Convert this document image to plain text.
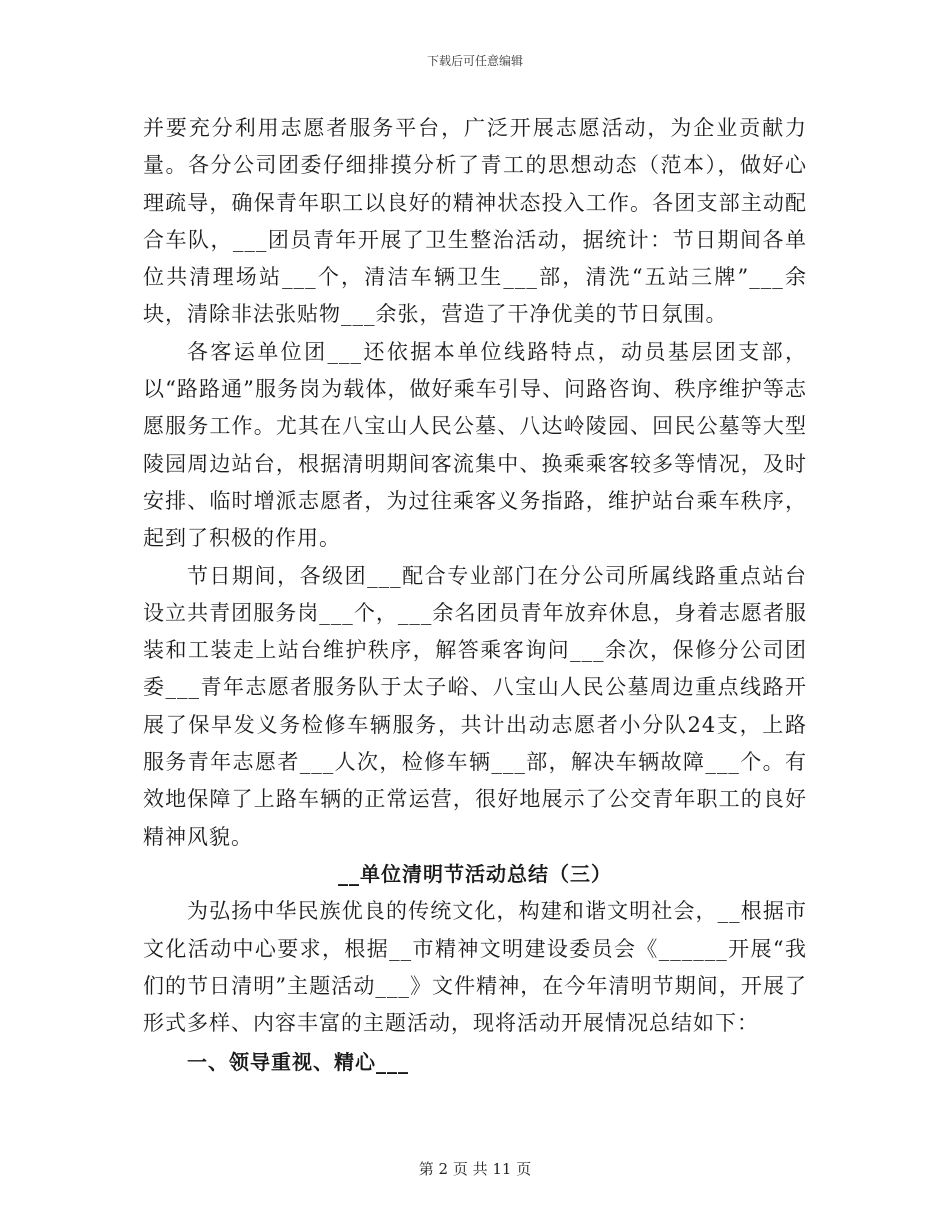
下载后可任意编辑

并要充分利用志愿者服务平台，广泛开展志愿活动，为企业贡献力量。各分公司团委仔细排摸分析了青工的思想动态（范本），做好心理疏导，确保青年职工以良好的精神状态投入工作。各团支部主动配合车队，___团员青年开展了卫生整治活动，据统计：节日期间各单位共清理场站___个，清洁车辆卫生___部，清洗“五站三牌”___余块，清除非法张贴物___余张，营造了干净优美的节日氛围。

各客运单位团___还依据本单位线路特点，动员基层团支部，以“路路通”服务岗为载体，做好乘车引导、问路咨询、秩序维护等志愿服务工作。尤其在八宝山人民公墓、八达岭陵园、回民公墓等大型陵园周边站台，根据清明期间客流集中、换乘乘客较多等情况，及时安排、临时增派志愿者，为过往乘客义务指路，维护站台乘车秩序，起到了积极的作用。

节日期间，各级团___配合专业部门在分公司所属线路重点站台设立共青团服务岗___个，___余名团员青年放弃休息，身着志愿者服装和工装走上站台维护秩序，解答乘客询问___余次，保修分公司团委___青年志愿者服务队于太子峪、八宝山人民公墓周边重点线路开展了保早发义务检修车辆服务，共计出动志愿者小分队24支，上路服务青年志愿者___人次，检修车辆___部，解决车辆故障___个。有效地保障了上路车辆的正常运营，很好地展示了公交青年职工的良好精神风貌。

__单位清明节活动总结（三）

为弘扬中华民族优良的传统文化，构建和谐文明社会，__根据市文化活动中心要求，根据__市精神文明建设委员会《______开展“我们的节日清明”主题活动___》文件精神，在今年清明节期间，开展了形式多样、内容丰富的主题活动，现将活动开展情况总结如下：

一、领导重视、精心___

第 2 页 共 11 页
